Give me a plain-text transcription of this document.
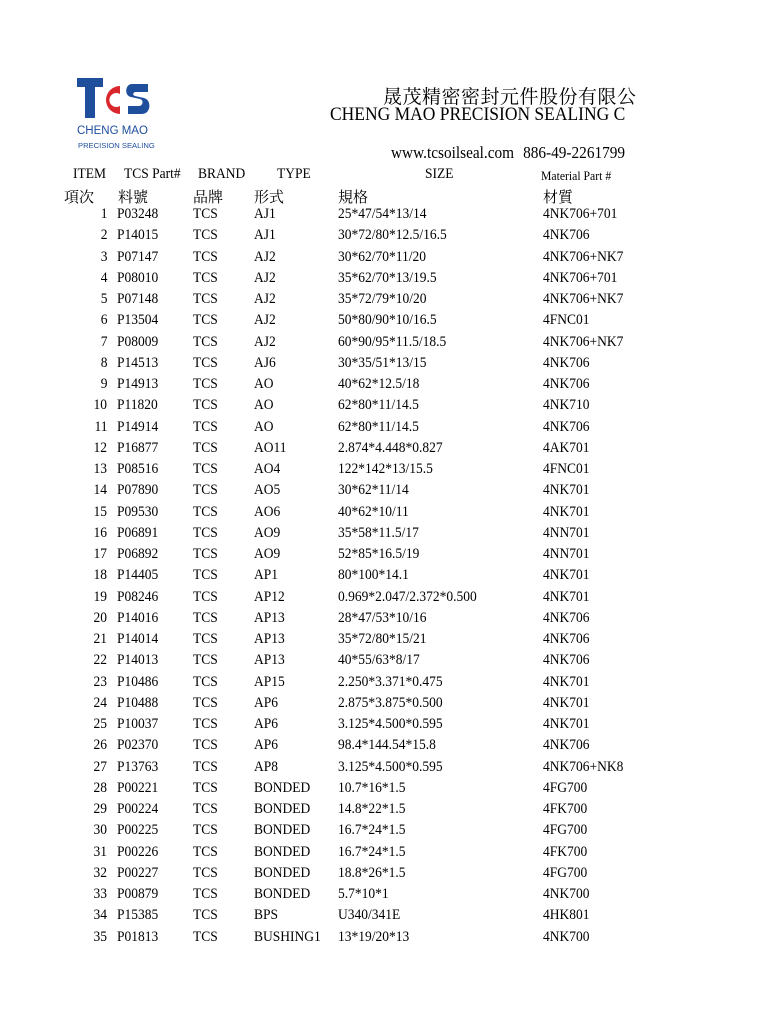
CHENG MAO
PRECISION SEALING
晟茂精密密封元件股份有限公
CHENG MAO PRECISION SEALING C
www.tcsoilseal.com 886-49-2261799
ITEM TCS Part# BRAND TYPE	SIZE	Material Part #
項次 料號	品牌 形式	規格	材質
1 P03248 TCS AJ1	25*47/54*13/14	4NK706+701
2 P14015 TCS AJ1	30*72/80*12.5/16.5	4NK706
3 P07147 TCS AJ2	30*62/70*11/20	4NK706+NK7
4 P08010 TCS AJ2	35*62/70*13/19.5	4NK706+701
5 P07148 TCS AJ2	35*72/79*10/20	4NK706+NK7
6 P13504 TCS AJ2	50*80/90*10/16.5	4FNC01
7 P08009 TCS AJ2	60*90/95*11.5/18.5	4NK706+NK7
8 P14513 TCS AJ6	30*35/51*13/15	4NK706
9 P14913 TCS AO	40*62*12.5/18	4NK706
10 P11820 TCS AO	62*80*11/14.5	4NK710
11 P14914 TCS AO	62*80*11/14.5	4NK706
12 P16877 TCS AO11	2.874*4.448*0.827	4AK701
13 P08516 TCS AO4	122*142*13/15.5	4FNC01
14 P07890 TCS AO5	30*62*11/14	4NK701
15 P09530 TCS AO6	40*62*10/11	4NK701
16 P06891 TCS AO9	35*58*11.5/17	4NN701
17 P06892 TCS AO9	52*85*16.5/19	4NN701
18 P14405 TCS AP1	80*100*14.1	4NK701
19 P08246 TCS AP12	0.969*2.047/2.372*0.500	4NK701
20 P14016 TCS AP13	28*47/53*10/16	4NK706
21 P14014 TCS AP13	35*72/80*15/21	4NK706
22 P14013 TCS AP13	40*55/63*8/17	4NK706
23 P10486 TCS AP15	2.250*3.371*0.475	4NK701
24 P10488 TCS AP6	2.875*3.875*0.500	4NK701
25 P10037 TCS AP6	3.125*4.500*0.595	4NK701
26 P02370 TCS AP6	98.4*144.54*15.8	4NK706
27 P13763 TCS AP8	3.125*4.500*0.595	4NK706+NK8
28 P00221 TCS BONDED 10.7*16*1.5	4FG700
29 P00224 TCS BONDED 14.8*22*1.5	4FK700
30 P00225 TCS BONDED 16.7*24*1.5	4FG700
31 P00226 TCS BONDED 16.7*24*1.5	4FK700
32 P00227 TCS BONDED 18.8*26*1.5	4FG700
33 P00879 TCS BONDED 5.7*10*1	4NK700
34 P15385 TCS BPS	U340/341E	4HK801
35 P01813 TCS BUSHING1 13*19/20*13	4NK700
